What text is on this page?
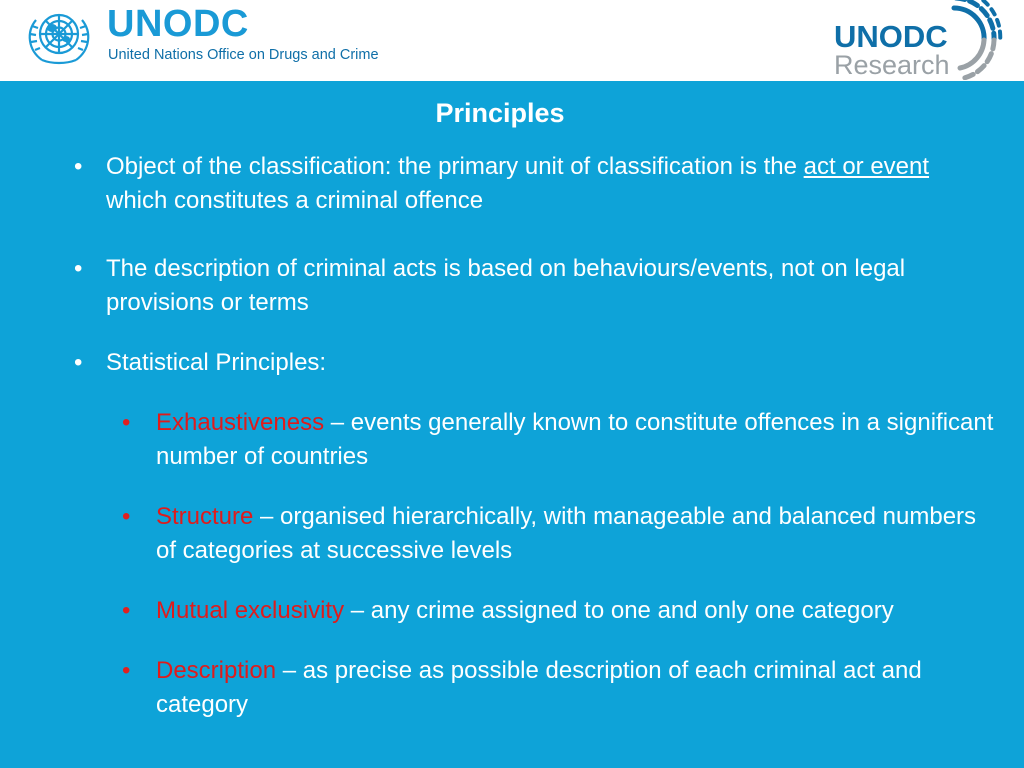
UNODC
United Nations Office on Drugs and Crime
UNODC
Research
Principles
• Object of the classification: the primary unit of classification is the act or event which constitutes a criminal offence
• The description of criminal acts is based on behaviours/events, not on legal provisions or terms
• Statistical Principles:
• Exhaustiveness – events generally known to constitute offences in a significant number of countries
• Structure – organised hierarchically, with manageable and balanced numbers of categories at successive levels
• Mutual exclusivity – any crime assigned to one and only one category
• Description – as precise as possible description of each criminal act and category
